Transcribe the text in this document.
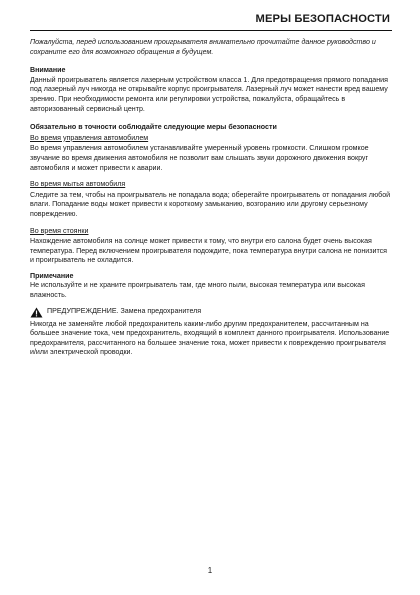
МЕРЫ БЕЗОПАСНОСТИ

Пожалуйста, перед использованием проигрывателя внимательно прочитайте данное руководство и сохраните его для возможного обращения в будущем.

Внимание

Данный проигрыватель является лазерным устройством класса 1. Для предотвращения прямого попадания под лазерный луч никогда не открывайте корпус проигрывателя. Лазерный луч может нанести вред вашему зрению. При необходимости ремонта или регулировки устройства, пожалуйста, обращайтесь в авторизованный сервисный центр.

Обязательно в точности соблюдайте следующие меры безопасности

Во время управления автомобилем

Во время управления автомобилем устанавливайте умеренный уровень громкости. Слишком громкое звучание во время движения автомобиля не позволит вам слышать звуки дорожного движения вокруг автомобиля и может привести к аварии.

Во время мытья автомобиля

Следите за тем, чтобы на проигрыватель не попадала вода; оберегайте проигрыватель от попадания любой влаги. Попадание воды может привести к короткому замыканию, возгоранию или другому серьезному повреждению.

Во время стоянки

Нахождение автомобиля на солнце может привести к тому, что внутри его салона будет очень высокая температура. Перед включением проигрывателя подождите, пока температура внутри салона не понизится и проигрыватель не охладится.

Примечание

Не используйте и не храните проигрыватель там, где много пыли, высокая температура или высокая влажность.

ПРЕДУПРЕЖДЕНИЕ. Замена предохранителя

Никогда не заменяйте любой предохранитель каким-либо другим предохранителем, рассчитанным на большее значение тока, чем предохранитель, входящий в комплект данного проигрывателя. Использование предохранителя, рассчитанного на большее значение тока, может привести к повреждению проигрывателя и/или электрической проводки.

1
